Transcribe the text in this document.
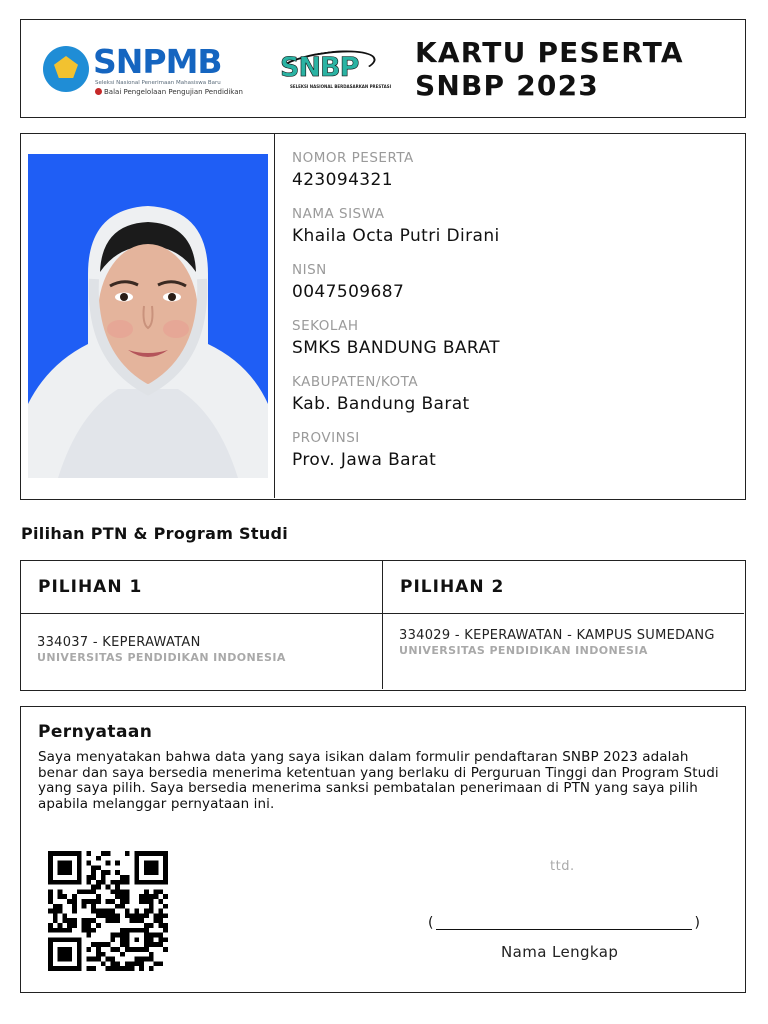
SNPMB
Seleksi Nasional Penerimaan Mahasiswa Baru
Balai Pengelolaan Pengujian Pendidikan
SNBP
SELEKSI NASIONAL BERDASARKAN PRESTASI
KARTU PESERTA
SNBP 2023
NOMOR PESERTA
423094321
NAMA SISWA
Khaila Octa Putri Dirani
NISN
0047509687
SEKOLAH
SMKS BANDUNG BARAT
KABUPATEN/KOTA
Kab. Bandung Barat
PROVINSI
Prov. Jawa Barat
Pilihan PTN & Program Studi
PILIHAN 1
334037 - KEPERAWATAN
UNIVERSITAS PENDIDIKAN INDONESIA
PILIHAN 2
334029 - KEPERAWATAN - KAMPUS SUMEDANG
UNIVERSITAS PENDIDIKAN INDONESIA
Pernyataan
Saya menyatakan bahwa data yang saya isikan dalam formulir pendaftaran SNBP 2023 adalah benar dan saya bersedia menerima ketentuan yang berlaku di Perguruan Tinggi dan Program Studi yang saya pilih. Saya bersedia menerima sanksi pembatalan penerimaan di PTN yang saya pilih apabila melanggar pernyataan ini.
ttd.
(	)
Nama Lengkap
